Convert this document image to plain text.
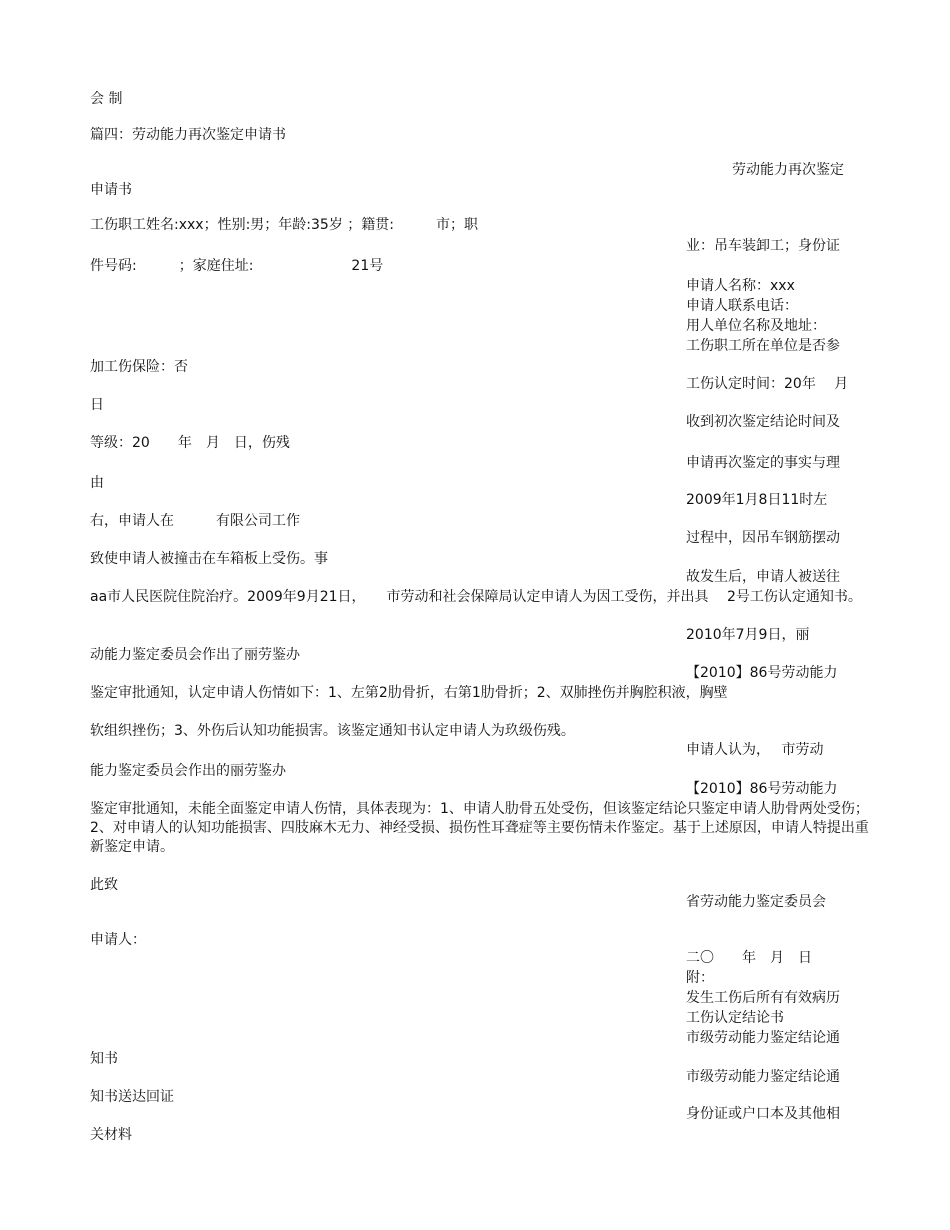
会 制
篇四：劳动能力再次鉴定申请书
劳动能力再次鉴定
申请书
工伤职工姓名:xxx；性别:男；年龄:35岁 ；籍贯:　　　市；职
业：吊车装卸工；身份证
件号码:　　　；家庭住址:　　　　　　　21号
申请人名称：xxx
申请人联系电话：
用人单位名称及地址：
工伤职工所在单位是否参
加工伤保险：否
工伤认定时间：20年　 月
日
收到初次鉴定结论时间及
等级：20　　年　月　日，伤残
申请再次鉴定的事实与理
由
2009年1月8日11时左
右，申请人在　　　有限公司工作
过程中，因吊车钢筋摆动
致使申请人被撞击在车箱板上受伤。事
故发生后，申请人被送往
aa市人民医院住院治疗。2009年9月21日，　　市劳动和社会保障局认定申请人为因工受伤，并出具　 2号工伤认定通知书。
2010年7月9日，丽
动能力鉴定委员会作出了丽劳鉴办
【2010】86号劳动能力
鉴定审批通知，认定申请人伤情如下：1、左第2肋骨折，右第1肋骨折；2、双肺挫伤并胸腔积液，胸壁
软组织挫伤；3、外伤后认知功能损害。该鉴定通知书认定申请人为玖级伤残。
申请人认为，　 市劳动
能力鉴定委员会作出的丽劳鉴办
【2010】86号劳动能力
鉴定审批通知，未能全面鉴定申请人伤情，具体表现为：1、申请人肋骨五处受伤，但该鉴定结论只鉴定申请人肋骨两处受伤；2、对申请人的认知功能损害、四肢麻木无力、神经受损、损伤性耳聋症等主要伤情未作鉴定。基于上述原因，申请人特提出重新鉴定申请。
此致
省劳动能力鉴定委员会
申请人：
二〇　　年　月　日
附：
发生工伤后所有有效病历
工伤认定结论书
市级劳动能力鉴定结论通
知书
市级劳动能力鉴定结论通
知书送达回证
身份证或户口本及其他相
关材料
